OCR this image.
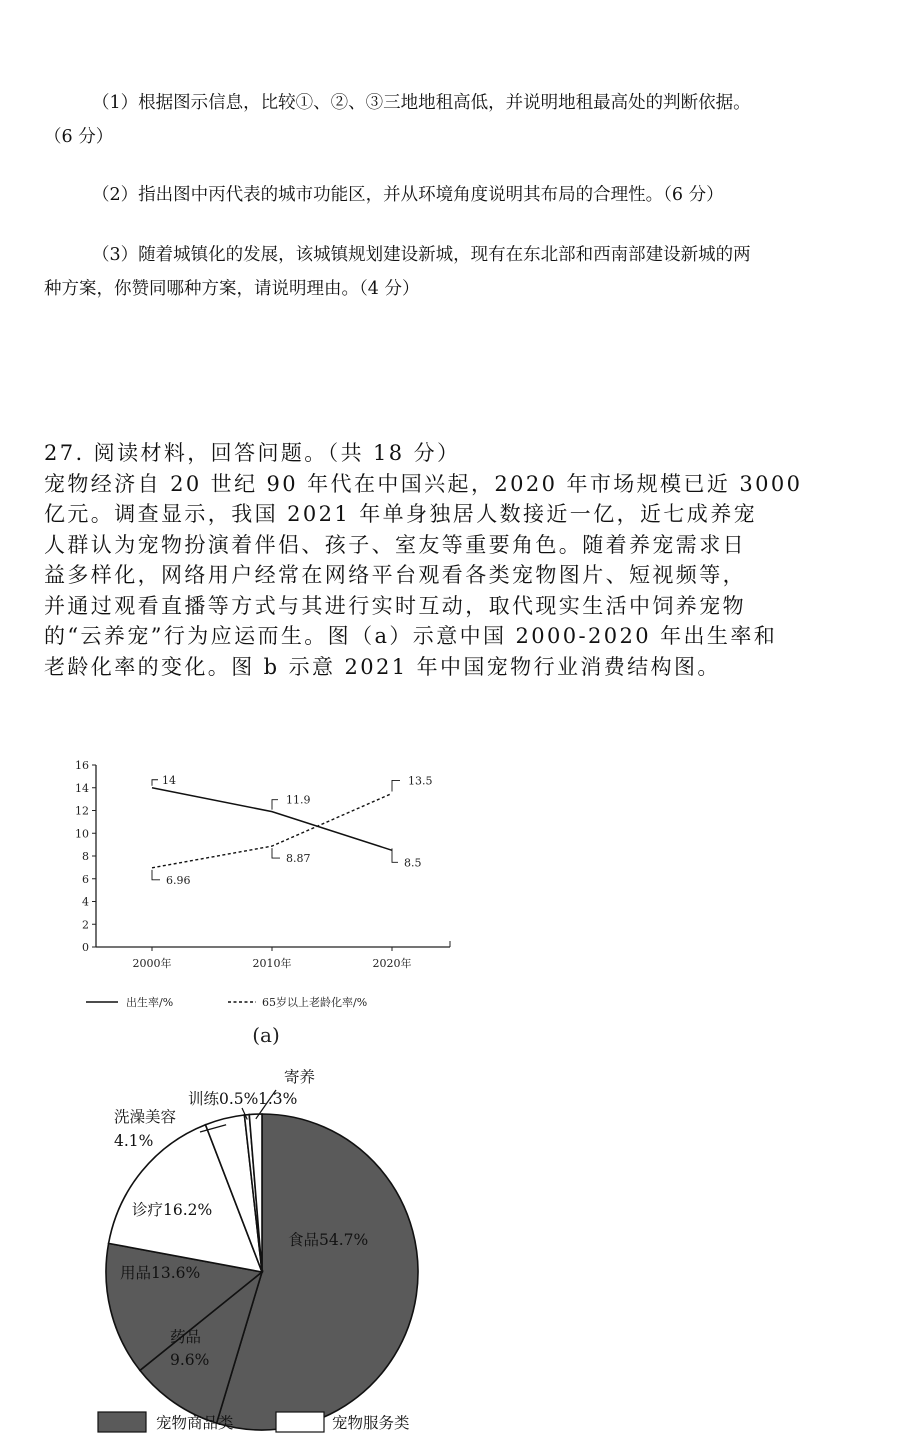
（1）根据图示信息，比较①、②、③三地地租高低，并说明地租最高处的判断依据。
（6 分）
（2）指出图中丙代表的城市功能区，并从环境角度说明其布局的合理性。（6 分）
（3）随着城镇化的发展，该城镇规划建设新城，现有在东北部和西南部建设新城的两
种方案，你赞同哪种方案，请说明理由。（4 分）
27. 阅读材料，回答问题。（共 18 分）
宠物经济自 20 世纪 90 年代在中国兴起，2020 年市场规模已近 3000
亿元。调查显示，我国 2021 年单身独居人数接近一亿，近七成养宠
人群认为宠物扮演着伴侣、孩子、室友等重要角色。随着养宠需求日
益多样化，网络用户经常在网络平台观看各类宠物图片、短视频等，
并通过观看直播等方式与其进行实时互动，取代现实生活中饲养宠物
的“云养宠”行为应运而生。图（a）示意中国 2000-2020 年出生率和
老龄化率的变化。图 b 示意 2021 年中国宠物行业消费结构图。
0
2
4
6
8
10
12
14
16
2000年	2010年	2020年
14
11.9
8.5
6.96
8.87
13.5
出生率/%	65岁以上老龄化率/%
(a)
食品54.7%
药品
9.6%
用品13.6%
诊疗16.2%
洗澡美容
4.1%
训练0.5%
寄养
1.3%
宠物商品类	宠物服务类
